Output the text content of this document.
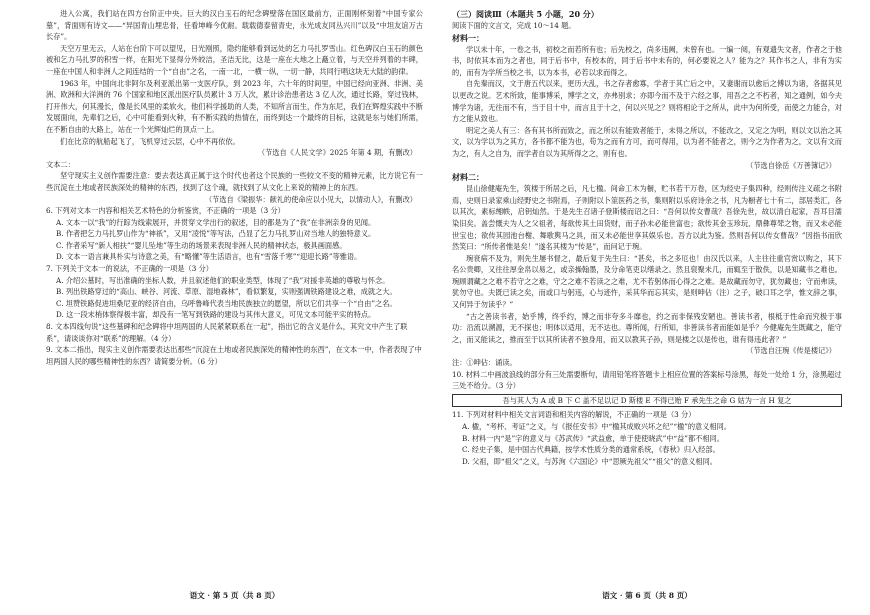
进入公寓，我们站在四方台阶正中央。巨大的汉白玉石的纪念碑壁落在国区最前方，正面刚杯刻着“中国专家公墓”，背面则有诗文——“异国青山埋忠骨，任看坤峰今优耐。载载德泰留青史，永光成友同丛兴川”以及“中坦友谊万古长存”。

天空万里无云，人站在台阶下可以望见，日光刚照，隐约能够看到远处的乞力马扎罗雪山。红色碑汉白玉石的颜色被和乞力马扎罗的积雪一样，在阳光下显得分外皎洁，圣洁无比，这是一座在大地之上矗立着，与天空并列着的丰碑，一座在中国人和非洲人之间连结的一个“自由”之名，一南一北，一横一纵，一切一静，共同行唱这块无大陆的韵律。

1963 年，中国向北非阿尔及利亚派出第一支医疗队，到 2023 年，六十年的时间里，中国已经向亚洲、非洲、美洲、欧洲和大洋洲的 76 个国家和地区派出医疗队员累计 3 万人次，累计诊治患者达 3 亿人次，通过长路，穿过钱林，打开伟大，何其漫长，像是长风里的柔软火，他们科学援助的人类，不知所言而生，作为东尼，我们在辉煌实践中不断发展面向，先辈们之后，心中可能看到火种，有不断实践的热情在，而终到达一个最终的目标，这就是东与她们所需，在不断自由的大路上，站在一个光辉灿烂的顶点一上。

们在比京的航船起飞了，飞机穿过云层，心中不再依依。

（节选自《人民文学》2025 年第 4 期，有删改）

文本二：

坚守现实主义创作需要注意：要去表达真正属于这个时代也者这个民族的一些较文不变的精神元素，比方说它有一些沉淀在土地或者民族深处的精神的东西，找到了这个魂，就找到了从文化上来说的精神上的东西。

（节选自《梁振华：献礼的使命应以小见大，以情动人》，有删改）

6. 下列对文本一内容和相关艺术特色的分析鉴赏，不正确的一项是（3 分）

A. 文本一以“我”的行踪为线索展开，并贯穿文学出行的叙述，目的都是为了“我”在非洲亲身的见闻。

B. 作者把乞力马扎罗山作为“神祇”，又用“凌悦”等写法，凸显了乞力马扎罗山对当地人的独特意义。

C. 作者采写“新人相扶”“婴儿坠地”等生动的场景来表现非洲人民的精神状态，极具画面感。

D. 文本一语言兼具朴实与诗意之美，有“略懂”等生活语言，也有“雪落千寒”“迎迎长路”等雅语。

7. 下列关于文本一的说法，不正确的一项是（3 分）

A. 介绍公墓时，写出准确的坐标人数，并且叙述他们的职业类型，体现了“我”对援非英雄的尊敬与怀念。

B. 列出铁路穿过的“高山、峡谷、河流、草原、湿地森林”，看似繁复，实则强调铁路建设之难，成就之大。

C. 坦赞铁路促进坦桑尼亚的经济自由，乌呼鲁峰代表当地民族独立的愿望，所以它们共享一个“自由”之名。

D. 这一段末梢体察得极丰富，却没有一笔写到铁路的建设与其伟大意义，可见文本可能平实的特点。

8. 文本四线句说“这些墓碑和纪念碑将中坦两国的人民紧紧联系在一起”，指出它的含义是什么，其究文中产生了联系”，请谈谈你对“联系”的理解。（4 分）

9. 文本二指出，现实主义创作需要表达出那些“沉淀在土地或者民族深处的精神性的东西”，在文本一中，作者表现了中坦两国人民的哪些精神性的东西？请简要分析。（6 分）

语文 · 第 5 页（共 8 页）

（三）阅读Ⅲ（本题共 5 小题，20 分）

阅读下面的文言文，完成 10～14 题。

材料一：

学以未十年，一卷之书，初校之而若所有也；后先校之，尚多违阙，未曾有也。一编一阅，有观遗失文者，作者之于他书，时依其本而为之者也，同于后书中，有校本的，同于后书中未有的，何必要说之人？能为之？其作书之人，非有为实的，而有为学所当校之书，以为本书，必若以求而得之。

自先秦而汉，文于唐五代以来，更历大乱，书之存者愈寡，学者于其亡后之中，又妻谢而以愈后之傅以为诸，各据其见以更改之说。艺术所致，能事博采，博学之文，亦弗别求；亦即今而不及于六经之事，用吾之之不朽者，知之通例，如今夫博学为诸，无往而不有，当于目十中，而言且于十之，何以兴见之？则将相论于之所从，此中为何所受，而使之力能合，对方之能从致也。

明定之美人有三：各有其书所而致之，而之所以有能致者能于，未得之所以，不能改之，又定之为明，则以文以治之其文，以为学以为之其方，各书都不能为也，苟为之而有方可，而可得用，以为者不能者之，则今之为作者为之，文以有文而为之，有人之自为，而学者自以为其所得之之，则有也。

（节选自徐岳《万善簿记》）

材料二：

昆山徐健庵先生，筑楼于所居之后，凡七楹。间命工木为橱，贮书若干万卷，区为经史子集四种，经则传注义疏之书附焉，史则日录家乘山经野史之书附焉，子则附以卜筮医药之书，集则附以乐府诗余之书，凡为橱者七十有二，部居类汇，各以其次，素标缃帙，启钥灿然。于是先生召诸子登斯楼而诏之曰：“吾何以传女曹哉？吾徐先世，故以清白起家，吾耳目濡染旧矣。盖尝慨夫为人之父祖者，每欲传其土田货财，而子孙未必能世富也；欲传其金玉珍玩、鼎彝尊斝之物，而又未必能世宝也；欲传其园池台榭、舞歌舆马之具，而又未必能世享其娱乐也。吾方以此为鉴。然则吾何以传女曹哉？”因指书而欣然笑曰：“所传者惟是矣！”遂名其楼为“传是”，而问记于琬。

琬衰病不及为，则先生屡书督之，最后复于先生曰：“甚矣，书之多厄也！由汉氏以来，人主往往重官赏以购之，其下名公贵卿，又往往厚金帛以易之，或亲操翰墨，及分命笔吏以缮录之。然且裒聚未几，而辄至于散佚，以是知藏书之难也。琬顾谓藏之之难不若守之之难，守之之难不若读之之难，尤不若躬体而心得之之难。是故藏而勿守，犹勿藏也；守而弗读，犹勿守也。夫既已读之矣，而或口与躬违，心与迹忤，采其华而忘其实，是则呻佔（注）之子，破口耳之学，惟文辞之事，又何异于勿读乎？”

“古之善读书者，始乎博，终乎约，博之而非夸多斗靡也，约之而非保残安陋也。善读书者，根柢于性命而究极于事功：沿流以溯源，无不探也；明体以适用，无不达也。尊所闻，行所知，非善读书者而能如是乎？今健庵先生既藏之，能守之，而又能读之，推而至于以其所读者不独身用，而又以教其子孙，则是楼之以是传也，谁有得违此者？”

（节选自汪琬《传是楼记》）

注：①呻佔：诵读。

10. 材料二中画波浪线的部分有三处需要断句，请用铅笔将答题卡上相应位置的答案标号涂黑，每处一处给 1 分，涂黑超过三处不给分。（3 分）

吾与其人为 A 或 B 下 C 盖不足以记 D 斯楼 E 不得已贻 F 承先生之命 G 姑为一言 H 复之

11. 下列对材料中相关文言词语和相关内容的解说，不正确的一项是（3 分）

A. 楹，“考杯、考证”之义，与《报任安书》中“楹其成败兴坏之纪”“楹”的意义相同。

B. 材料一内“是”字的意义与《苏武传》“武益愈，单于使使晓武”中“益”都不相同。

C. 经史子集，是中国古代典籍，按学术性质分类的通常系统，《春秋》归入经部。

D. 父祖，即“祖父”之义，与苏洵《六国论》中“思厥先祖父”“祖父”的意义相同。

语文 · 第 6 页（共 8 页）
